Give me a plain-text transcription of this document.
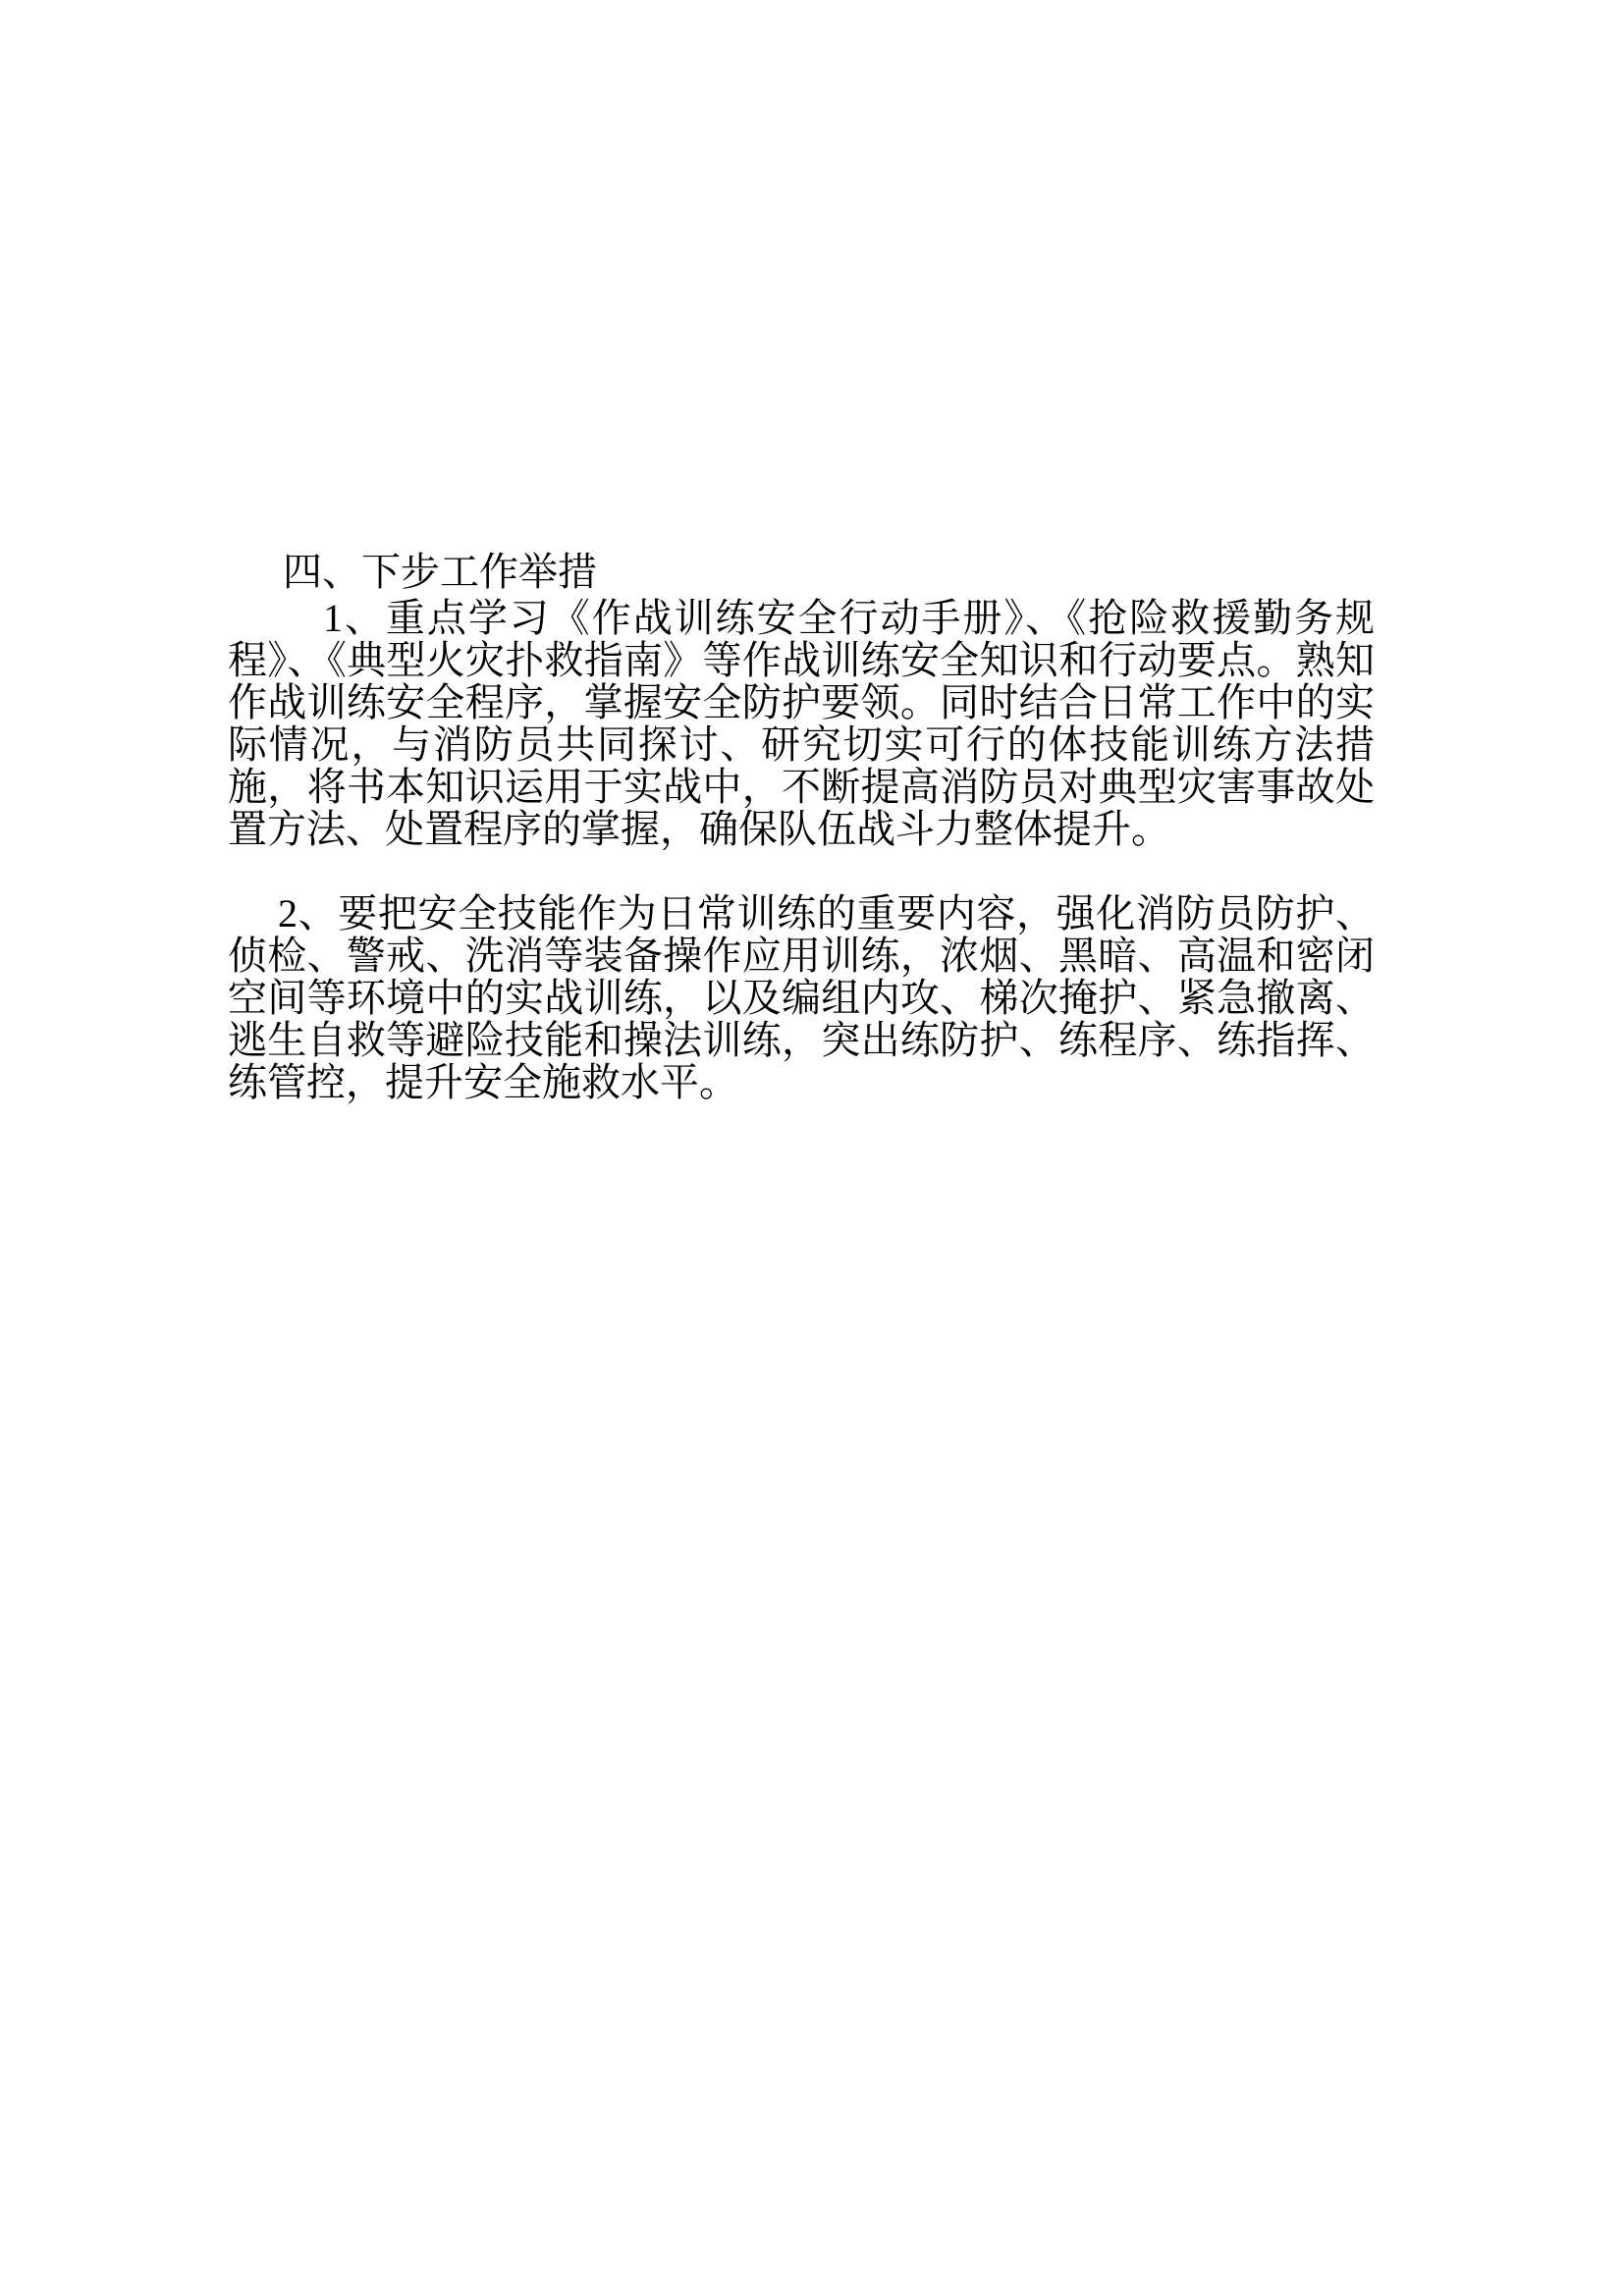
四、下步工作举措
1、重点学习《作战训练安全行动手册》、《抢险救援勤务规程》、《典型火灾扑救指南》等作战训练安全知识和行动要点。熟知作战训练安全程序，掌握安全防护要领。同时结合日常工作中的实际情况，与消防员共同探讨、研究切实可行的体技能训练方法措施，将书本知识运用于实战中，不断提高消防员对典型灾害事故处置方法、处置程序的掌握，确保队伍战斗力整体提升。
2、要把安全技能作为日常训练的重要内容，强化消防员防护、侦检、警戒、洗消等装备操作应用训练，浓烟、黑暗、高温和密闭空间等环境中的实战训练，以及编组内攻、梯次掩护、紧急撤离、逃生自救等避险技能和操法训练，突出练防护、练程序、练指挥、练管控，提升安全施救水平。
